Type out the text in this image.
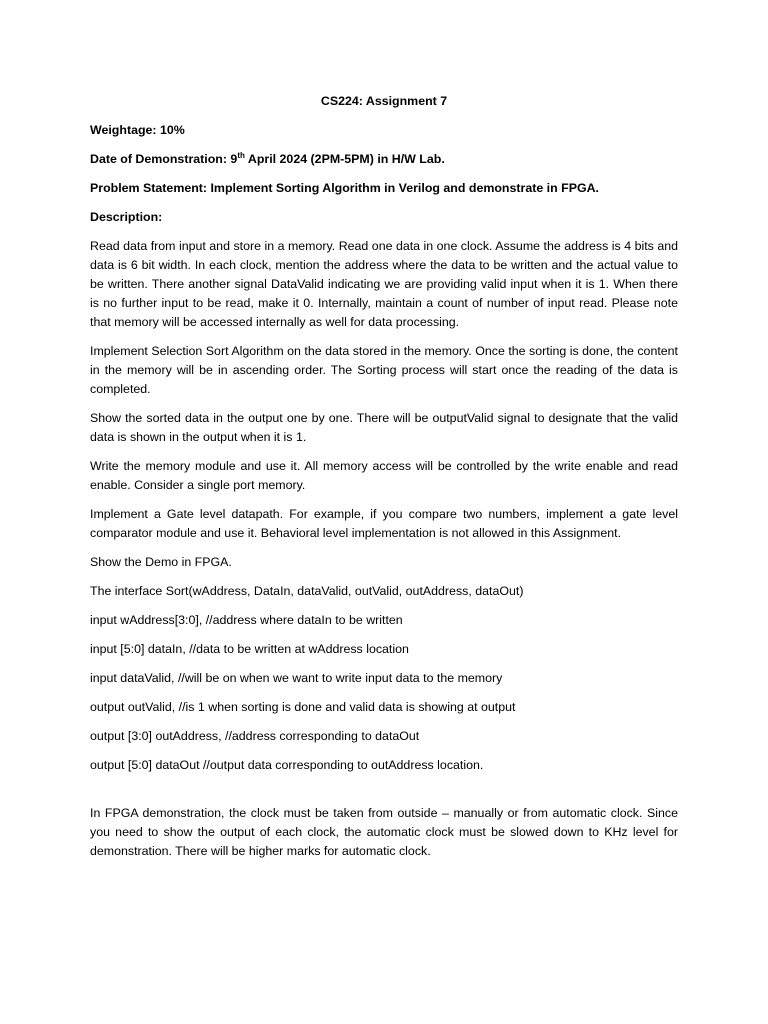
CS224: Assignment 7
Weightage: 10%
Date of Demonstration: 9th April 2024 (2PM-5PM) in H/W Lab.
Problem Statement: Implement Sorting Algorithm in Verilog and demonstrate in FPGA.
Description:
Read data from input and store in a memory. Read one data in one clock. Assume the address is 4 bits and data is 6 bit width. In each clock, mention the address where the data to be written and the actual value to be written. There another signal DataValid indicating we are providing valid input when it is 1. When there is no further input to be read, make it 0. Internally, maintain a count of number of input read. Please note that memory will be accessed internally as well for data processing.
Implement Selection Sort Algorithm on the data stored in the memory. Once the sorting is done, the content in the memory will be in ascending order. The Sorting process will start once the reading of the data is completed.
Show the sorted data in the output one by one. There will be outputValid signal to designate that the valid data is shown in the output when it is 1.
Write the memory module and use it. All memory access will be controlled by the write enable and read enable. Consider a single port memory.
Implement a Gate level datapath. For example, if you compare two numbers, implement a gate level comparator module and use it. Behavioral level implementation is not allowed in this Assignment.
Show the Demo in FPGA.
The interface Sort(wAddress, DataIn, dataValid, outValid, outAddress, dataOut)
input wAddress[3:0], //address where dataIn to be written
input [5:0] dataIn, //data to be written at wAddress location
input dataValid, //will be on when we want to write input data to the memory
output outValid, //is 1 when sorting is done and valid data is showing at output
output [3:0] outAddress, //address corresponding to dataOut
output [5:0] dataOut //output data corresponding to outAddress location.
In FPGA demonstration, the clock must be taken from outside – manually or from automatic clock. Since you need to show the output of each clock, the automatic clock must be slowed down to KHz level for demonstration. There will be higher marks for automatic clock.
